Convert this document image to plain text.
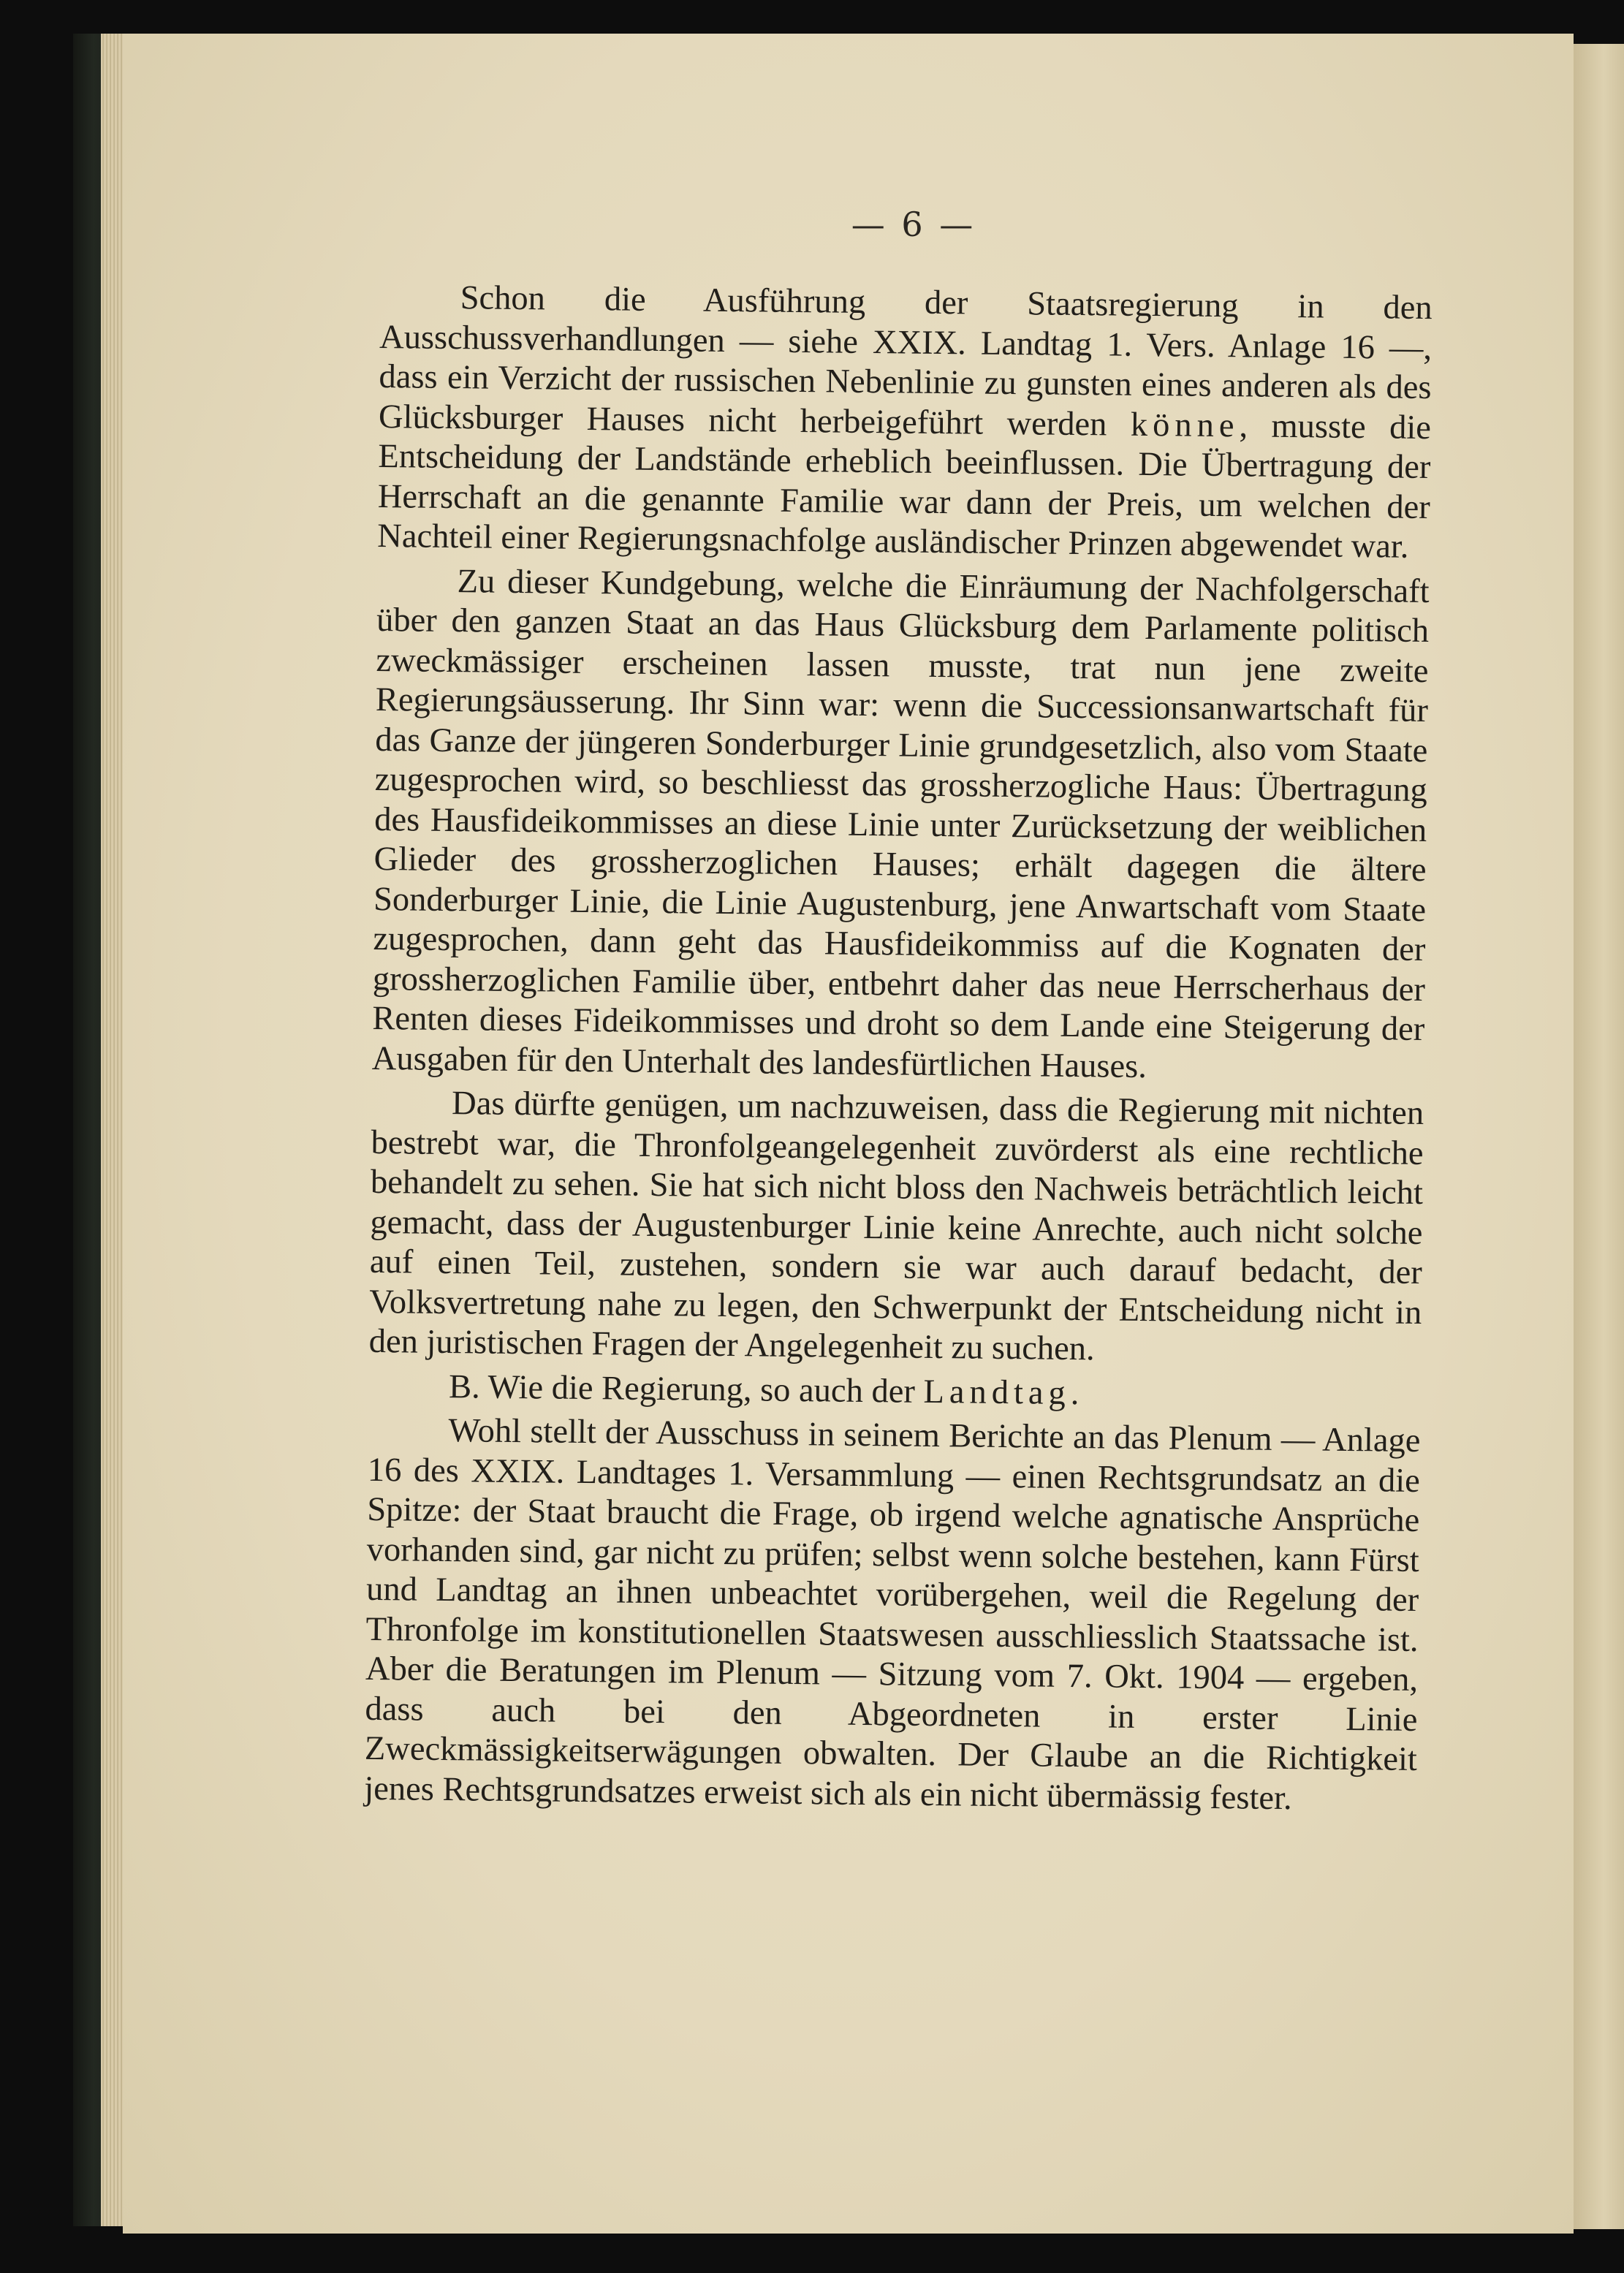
— 6 —

Schon die Ausführung der Staatsregierung in den Ausschussverhandlungen — siehe XXIX. Landtag 1. Vers. Anlage 16 —, dass ein Verzicht der russischen Nebenlinie zu gunsten eines anderen als des Glücksburger Hauses nicht herbeigeführt werden könne, musste die Entscheidung der Landstände erheblich beeinflussen. Die Übertragung der Herrschaft an die genannte Familie war dann der Preis, um welchen der Nachteil einer Regierungsnachfolge ausländischer Prinzen abgewendet war.

Zu dieser Kundgebung, welche die Einräumung der Nachfolgerschaft über den ganzen Staat an das Haus Glücksburg dem Parlamente politisch zweckmässiger erscheinen lassen musste, trat nun jene zweite Regierungsäusserung. Ihr Sinn war: wenn die Successionsanwartschaft für das Ganze der jüngeren Sonderburger Linie grundgesetzlich, also vom Staate zugesprochen wird, so beschliesst das grossherzogliche Haus: Übertragung des Hausfideikommisses an diese Linie unter Zurücksetzung der weiblichen Glieder des grossherzoglichen Hauses; erhält dagegen die ältere Sonderburger Linie, die Linie Augustenburg, jene Anwartschaft vom Staate zugesprochen, dann geht das Hausfideikommiss auf die Kognaten der grossherzoglichen Familie über, entbehrt daher das neue Herrscherhaus der Renten dieses Fideikommisses und droht so dem Lande eine Steigerung der Ausgaben für den Unterhalt des landesfürtlichen Hauses.

Das dürfte genügen, um nachzuweisen, dass die Regierung mit nichten bestrebt war, die Thronfolgeangelegenheit zuvörderst als eine rechtliche behandelt zu sehen. Sie hat sich nicht bloss den Nachweis beträchtlich leicht gemacht, dass der Augustenburger Linie keine Anrechte, auch nicht solche auf einen Teil, zustehen, sondern sie war auch darauf bedacht, der Volksvertretung nahe zu legen, den Schwerpunkt der Entscheidung nicht in den juristischen Fragen der Angelegenheit zu suchen.

B. Wie die Regierung, so auch der Landtag.

Wohl stellt der Ausschuss in seinem Berichte an das Plenum — Anlage 16 des XXIX. Landtages 1. Versammlung — einen Rechtsgrundsatz an die Spitze: der Staat braucht die Frage, ob irgend welche agnatische Ansprüche vorhanden sind, gar nicht zu prüfen; selbst wenn solche bestehen, kann Fürst und Landtag an ihnen unbeachtet vorübergehen, weil die Regelung der Thronfolge im konstitutionellen Staatswesen ausschliesslich Staatssache ist. Aber die Beratungen im Plenum — Sitzung vom 7. Okt. 1904 — ergeben, dass auch bei den Abgeordneten in erster Linie Zweckmässigkeitserwägungen obwalten. Der Glaube an die Richtigkeit jenes Rechtsgrundsatzes erweist sich als ein nicht übermässig fester.
